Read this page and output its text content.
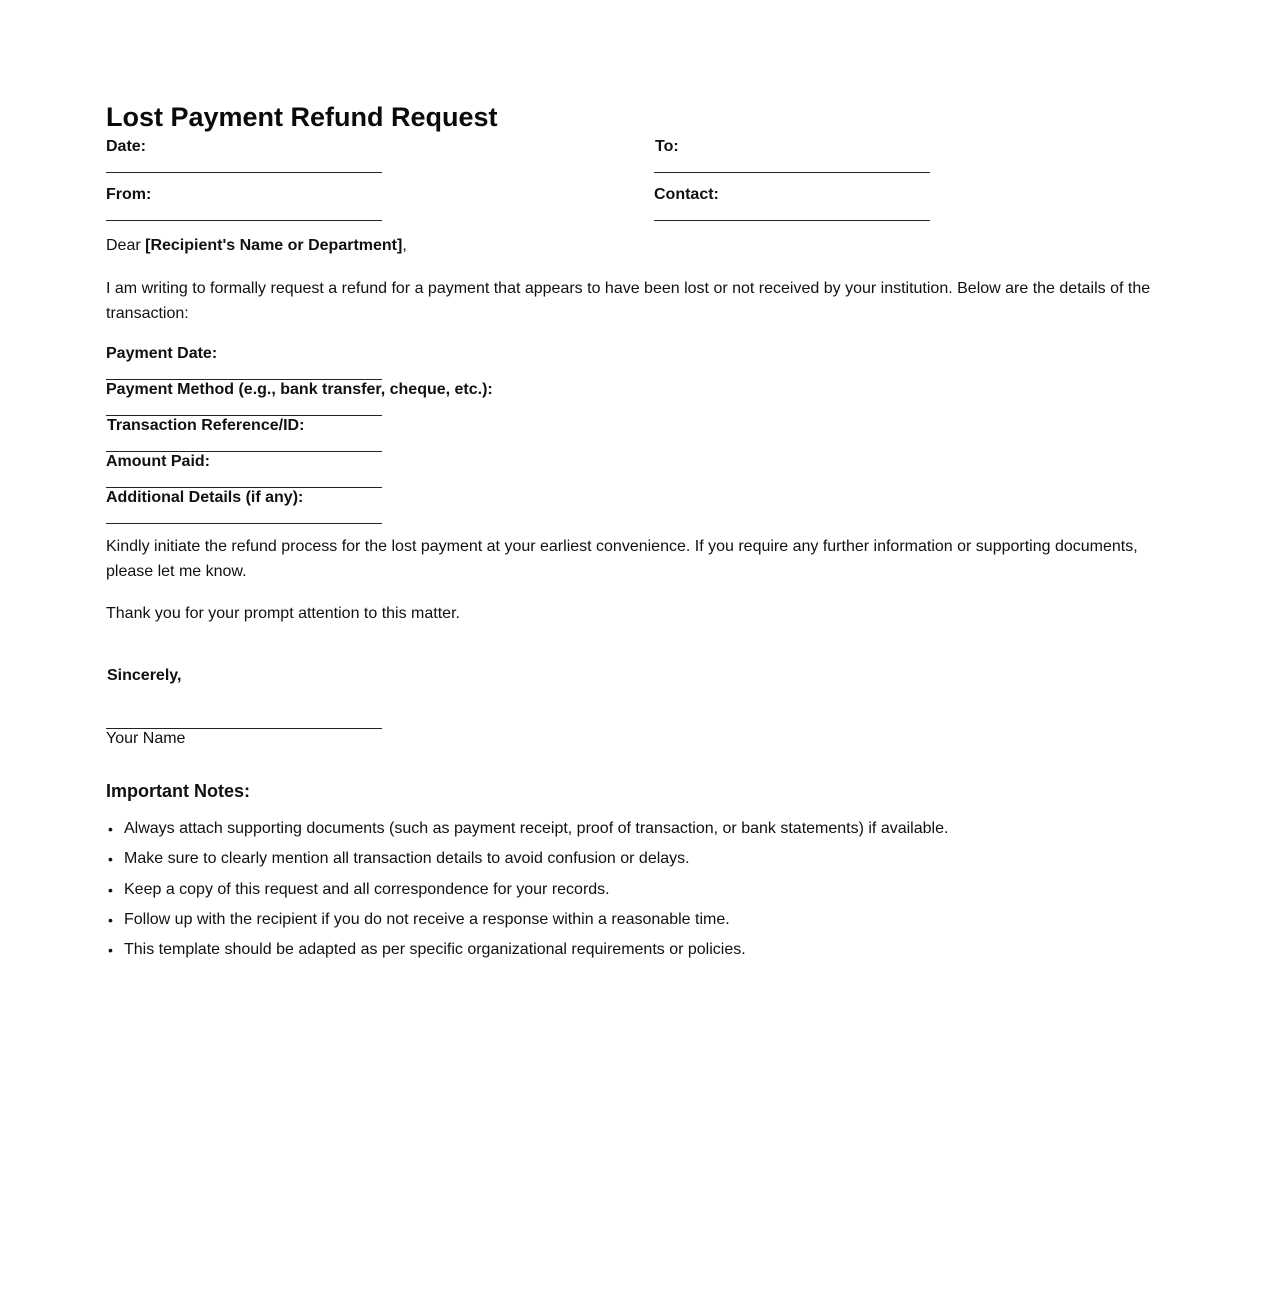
Lost Payment Refund Request
Date:	To:
From:	Contact:

Dear [Recipient's Name or Department],

I am writing to formally request a refund for a payment that appears to have been lost or not received by your institution. Below are the details of the transaction:

Payment Date:
Payment Method (e.g., bank transfer, cheque, etc.):
Transaction Reference/ID:
Amount Paid:
Additional Details (if any):

Kindly initiate the refund process for the lost payment at your earliest convenience. If you require any further information or supporting documents, please let me know.

Thank you for your prompt attention to this matter.

Sincerely,
Your Name
Important Notes:
• Always attach supporting documents (such as payment receipt, proof of transaction, or bank statements) if available.
• Make sure to clearly mention all transaction details to avoid confusion or delays.
• Keep a copy of this request and all correspondence for your records.
• Follow up with the recipient if you do not receive a response within a reasonable time.
• This template should be adapted as per specific organizational requirements or policies.
